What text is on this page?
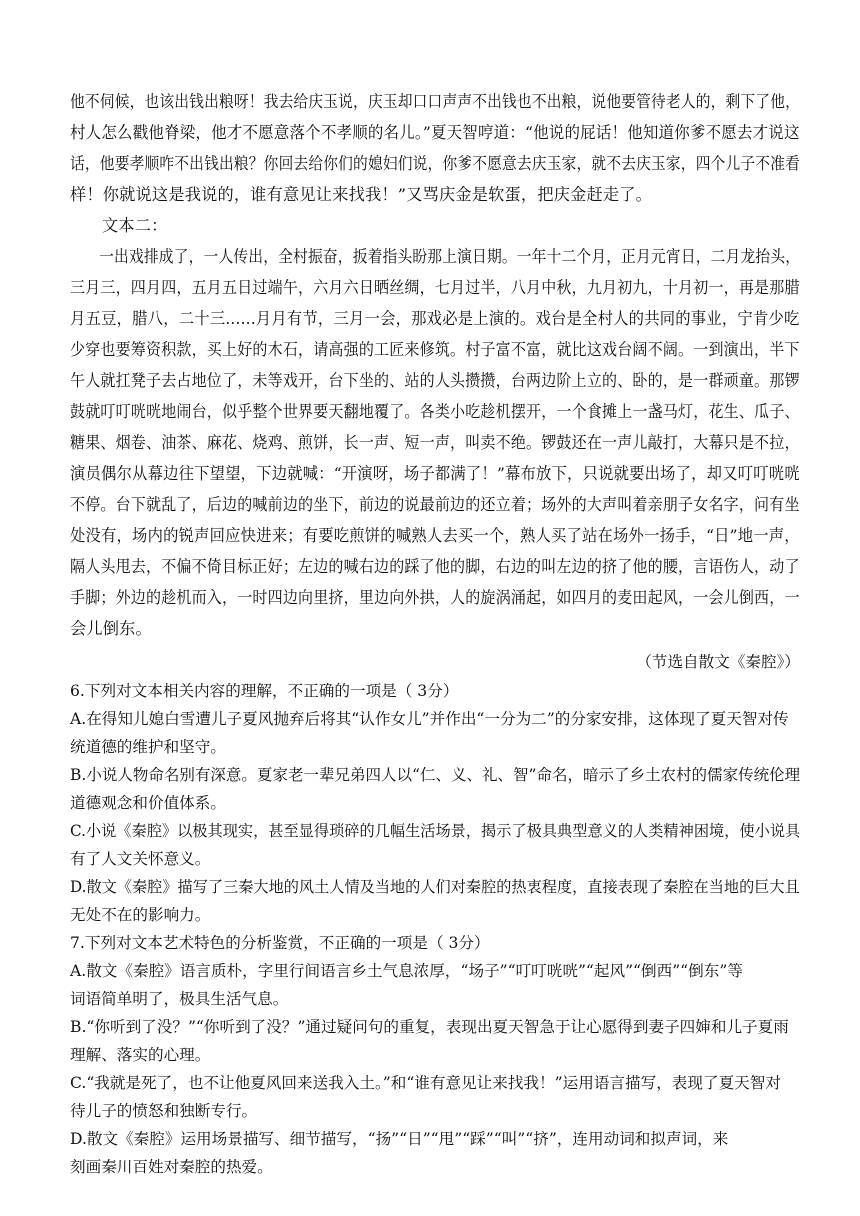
他不伺候，也该出钱出粮呀！我去给庆玉说，庆玉却口口声声不出钱也不出粮，说他要管待老人的，剩下了他，
村人怎么戳他脊梁，他才不愿意落个不孝顺的名儿。”夏天智哼道：“他说的屁话！他知道你爹不愿去才说这
话，他要孝顺咋不出钱出粮？你回去给你们的媳妇们说，你爹不愿意去庆玉家，就不去庆玉家，四个儿子不准看
样！你就说这是我说的，谁有意见让来找我！”又骂庆金是软蛋，把庆金赶走了。
文本二：
一出戏排成了，一人传出，全村振奋，扳着指头盼那上演日期。一年十二个月，正月元宵日，二月龙抬头，
三月三，四月四，五月五日过端午，六月六日晒丝绸，七月过半，八月中秋，九月初九，十月初一，再是那腊
月五豆，腊八，二十三......月月有节，三月一会，那戏必是上演的。戏台是全村人的共同的事业，宁肯少吃
少穿也要筹资积款，买上好的木石，请高强的工匠来修筑。村子富不富，就比这戏台阔不阔。一到演出，半下
午人就扛凳子去占地位了，未等戏开，台下坐的、站的人头攒攒，台两边阶上立的、卧的，是一群顽童。那锣
鼓就叮叮咣咣地闹台，似乎整个世界要天翻地覆了。各类小吃趁机摆开，一个食摊上一盏马灯，花生、瓜子、
糖果、烟卷、油茶、麻花、烧鸡、煎饼，长一声、短一声，叫卖不绝。锣鼓还在一声儿敲打，大幕只是不拉，
演员偶尔从幕边往下望望，下边就喊：“开演呀，场子都满了！”幕布放下，只说就要出场了，却又叮叮咣咣
不停。台下就乱了，后边的喊前边的坐下，前边的说最前边的还立着；场外的大声叫着亲朋子女名字，问有坐
处没有，场内的锐声回应快进来；有要吃煎饼的喊熟人去买一个，熟人买了站在场外一扬手，“日”地一声，
隔人头甩去，不偏不倚目标正好；左边的喊右边的踩了他的脚，右边的叫左边的挤了他的腰，言语伤人，动了
手脚；外边的趁机而入，一时四边向里挤，里边向外拱，人的旋涡涌起，如四月的麦田起风，一会儿倒西，一
会儿倒东。
（节选自散文《秦腔》）
6.下列对文本相关内容的理解，不正确的一项是（ 3分）
A.在得知儿媳白雪遭儿子夏风抛弃后将其“认作女儿”并作出“一分为二”的分家安排，这体现了夏天智对传
统道德的维护和坚守。
B.小说人物命名别有深意。夏家老一辈兄弟四人以“仁、义、礼、智”命名，暗示了乡土农村的儒家传统伦理
道德观念和价值体系。
C.小说《秦腔》以极其现实，甚至显得琐碎的几幅生活场景，揭示了极具典型意义的人类精神困境，使小说具
有了人文关怀意义。
D.散文《秦腔》描写了三秦大地的风土人情及当地的人们对秦腔的热衷程度，直接表现了秦腔在当地的巨大且
无处不在的影响力。
7.下列对文本艺术特色的分析鉴赏，不正确的一项是（ 3分）
A.散文《秦腔》语言质朴，字里行间语言乡土气息浓厚，“场子”“叮叮咣咣”“起风”“倒西”“倒东”等
词语简单明了，极具生活气息。
B.“你听到了没？”“你听到了没？”通过疑问句的重复，表现出夏天智急于让心愿得到妻子四婶和儿子夏雨
理解、落实的心理。
C.“我就是死了，也不让他夏风回来送我入土。”和“谁有意见让来找我！”运用语言描写，表现了夏天智对
待儿子的愤怒和独断专行。
D.散文《秦腔》运用场景描写、细节描写，“扬”“日”“甩”“踩”“叫”“挤”，连用动词和拟声词，来
刻画秦川百姓对秦腔的热爱。
